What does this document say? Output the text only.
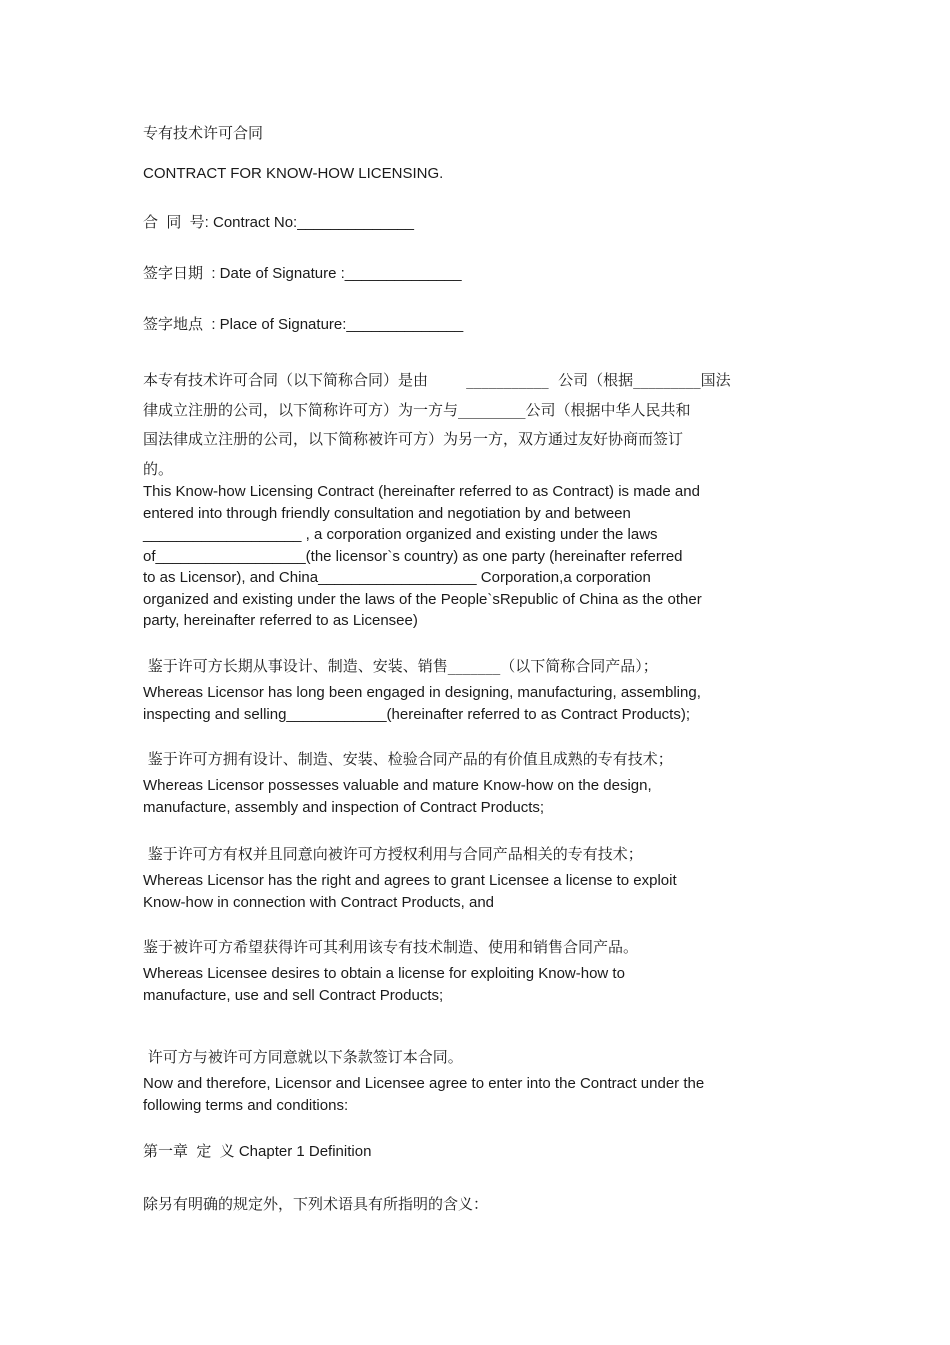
专有技术许可合同
CONTRACT FOR KNOW-HOW LICENSING.
合  同  号: Contract No:______________
签字日期  : Date of Signature :______________
签字地点  : Place of Signature:______________
本专有技术许可合同（以下简称合同）是由        ___________  公司（根据_________国法
律成立注册的公司，以下简称许可方）为一方与_________公司（根据中华人民共和
国法律成立注册的公司，以下简称被许可方）为另一方，双方通过友好协商而签订
的。
This Know-how Licensing Contract (hereinafter referred to as Contract) is made and
entered into through friendly consultation and negotiation by and between
___________________ , a corporation organized and existing under the laws
of__________________(the licensor`s country) as one party (hereinafter referred
to as Licensor), and China___________________ Corporation,a corporation
organized and existing under the laws of the People`sRepublic of China as the other
party, hereinafter referred to as Licensee)
鉴于许可方长期从事设计、制造、安装、销售_______（以下简称合同产品）；
Whereas Licensor has long been engaged in designing, manufacturing, assembling,
inspecting and selling____________(hereinafter referred to as Contract Products);
鉴于许可方拥有设计、制造、安装、检验合同产品的有价值且成熟的专有技术；
Whereas Licensor possesses valuable and mature Know-how on the design,
manufacture, assembly and inspection of Contract Products;
鉴于许可方有权并且同意向被许可方授权利用与合同产品相关的专有技术；
Whereas Licensor has the right and agrees to grant Licensee a license to exploit
Know-how in connection with Contract Products, and
鉴于被许可方希望获得许可其利用该专有技术制造、使用和销售合同产品。
Whereas Licensee desires to obtain a license for exploiting Know-how to
manufacture, use and sell Contract Products;
许可方与被许可方同意就以下条款签订本合同。
Now and therefore, Licensor and Licensee agree to enter into the Contract under the
following terms and conditions:
第一章  定  义 Chapter 1 Definition
除另有明确的规定外，下列术语具有所指明的含义：
